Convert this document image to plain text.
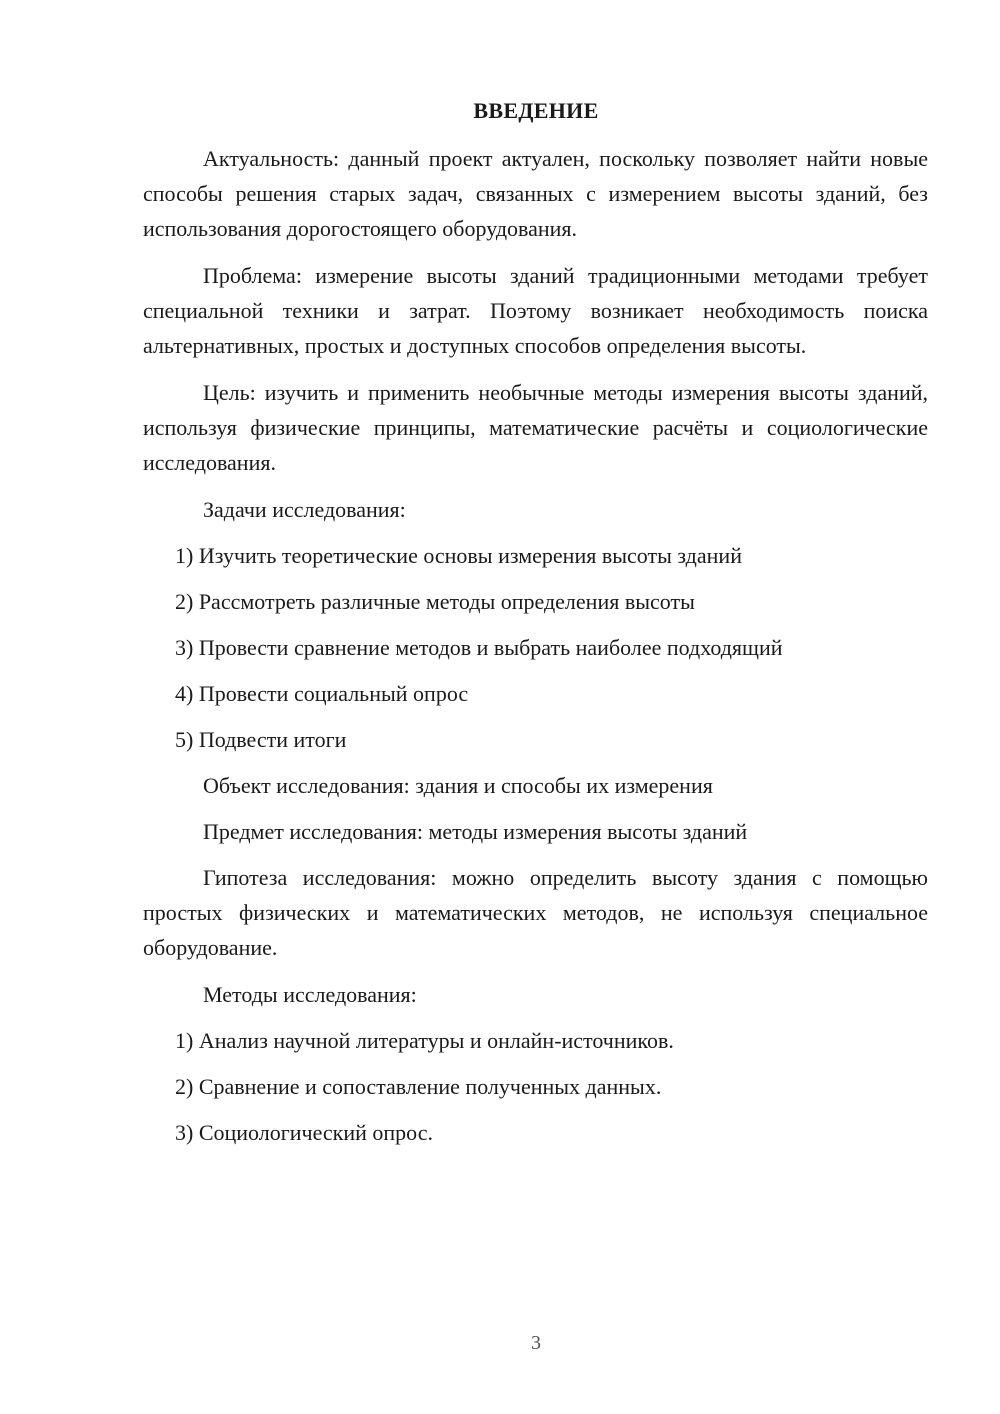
ВВЕДЕНИЕ

Актуальность: данный проект актуален, поскольку позволяет найти новые способы решения старых задач, связанных с измерением высоты зданий, без использования дорогостоящего оборудования.

Проблема: измерение высоты зданий традиционными методами требует специальной техники и затрат. Поэтому возникает необходимость поиска альтернативных, простых и доступных способов определения высоты.

Цель: изучить и применить необычные методы измерения высоты зданий, используя физические принципы, математические расчёты и социологические исследования.

Задачи исследования:

1) Изучить теоретические основы измерения высоты зданий

2) Рассмотреть различные методы определения высоты

3) Провести сравнение методов и выбрать наиболее подходящий

4) Провести социальный опрос

5) Подвести итоги

Объект исследования: здания и способы их измерения

Предмет исследования: методы измерения высоты зданий

Гипотеза исследования: можно определить высоту здания с помощью простых физических и математических методов, не используя специальное оборудование.

Методы исследования:

1) Анализ научной литературы и онлайн-источников.

2) Сравнение и сопоставление полученных данных.

3) Социологический опрос.

3
